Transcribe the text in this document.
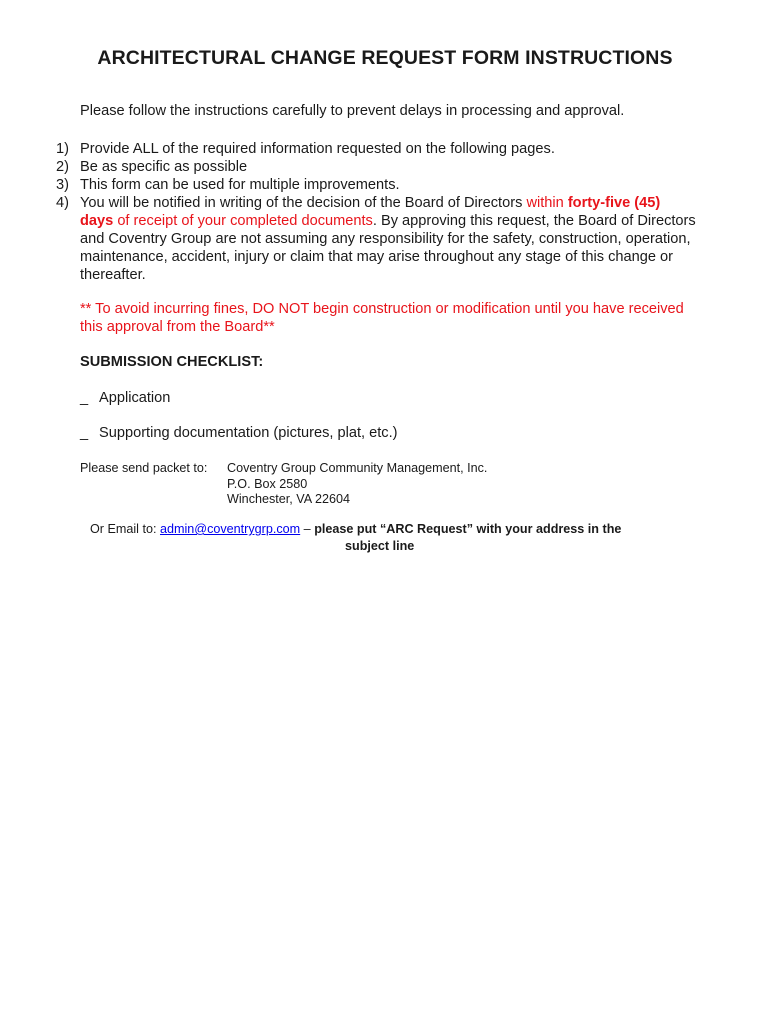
ARCHITECTURAL CHANGE REQUEST FORM INSTRUCTIONS
Please follow the instructions carefully to prevent delays in processing and approval.
1) Provide ALL of the required information requested on the following pages.
2) Be as specific as possible
3) This form can be used for multiple improvements.
4) You will be notified in writing of the decision of the Board of Directors within forty-five (45) days of receipt of your completed documents. By approving this request, the Board of Directors and Coventry Group are not assuming any responsibility for the safety, construction, operation, maintenance, accident, injury or claim that may arise throughout any stage of this change or thereafter.
** To avoid incurring fines, DO NOT begin construction or modification until you have received this approval from the Board**
SUBMISSION CHECKLIST:
_ Application
_ Supporting documentation (pictures, plat, etc.)
Please send packet to:	Coventry Group Community Management, Inc.
P.O. Box 2580
Winchester, VA 22604
Or Email to: admin@coventrygrp.com – please put “ARC Request” with your address in the
subject line
